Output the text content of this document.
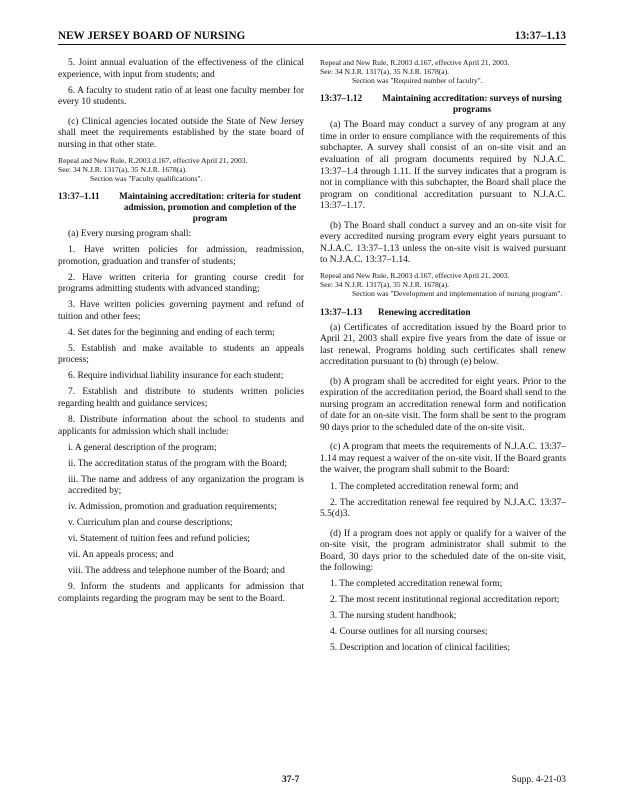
NEW JERSEY BOARD OF NURSING	13:37–1.13

5. Joint annual evaluation of the effectiveness of the clinical experience, with input from students; and

6. A faculty to student ratio of at least one faculty member for every 10 students.

(c) Clinical agencies located outside the State of New Jersey shall meet the requirements established by the state board of nursing in that other state.

Repeal and New Rule, R.2003 d.167, effective April 21, 2003.

See: 34 N.J.R. 1317(a), 35 N.J.R. 1678(a).

Section was "Faculty qualifications".

13:37–1.11	Maintaining accreditation: criteria for student admission, promotion and completion of the program

(a) Every nursing program shall:

1. Have written policies for admission, readmission, promotion, graduation and transfer of students;

2. Have written criteria for granting course credit for programs admitting students with advanced standing;

3. Have written policies governing payment and refund of tuition and other fees;

4. Set dates for the beginning and ending of each term;

5. Establish and make available to students an appeals process;

6. Require individual liability insurance for each student;

7. Establish and distribute to students written policies regarding health and guidance services;

8. Distribute information about the school to students and applicants for admission which shall include:

i. A general description of the program;

ii. The accreditation status of the program with the Board;

iii. The name and address of any organization the program is accredited by;

iv. Admission, promotion and graduation requirements;

v. Curriculum plan and course descriptions;

vi. Statement of tuition fees and refund policies;

vii. An appeals process; and

viii. The address and telephone number of the Board; and

9. Inform the students and applicants for admission that complaints regarding the program may be sent to the Board.

Repeal and New Rule, R.2003 d.167, effective April 21, 2003.

See: 34 N.J.R. 1317(a), 35 N.J.R. 1678(a).

Section was "Required number of faculty".

13:37–1.12	Maintaining accreditation: surveys of nursing programs

(a) The Board may conduct a survey of any program at any time in order to ensure compliance with the requirements of this subchapter. A survey shall consist of an on-site visit and an evaluation of all program documents required by N.J.A.C. 13:37–1.4 through 1.11. If the survey indicates that a program is not in compliance with this subchapter, the Board shall place the program on conditional accreditation pursuant to N.J.A.C. 13:37–1.17.

(b) The Board shall conduct a survey and an on-site visit for every accredited nursing program every eight years pursuant to N.J.A.C. 13:37–1.13 unless the on-site visit is waived pursuant to N.J.A.C. 13:37–1.14.

Repeal and New Rule, R.2003 d.167, effective April 21, 2003.

See: 34 N.J.R. 1317(a), 35 N.J.R. 1678(a).

Section was "Development and implementation of nursing program".

13:37–1.13	Renewing accreditation

(a) Certificates of accreditation issued by the Board prior to April 21, 2003 shall expire five years from the date of issue or last renewal. Programs holding such certificates shall renew accreditation pursuant to (b) through (e) below.

(b) A program shall be accredited for eight years. Prior to the expiration of the accreditation period, the Board shall send to the nursing program an accreditation renewal form and notification of date for an on-site visit. The form shall be sent to the program 90 days prior to the scheduled date of the on-site visit.

(c) A program that meets the requirements of N.J.A.C. 13:37–1.14 may request a waiver of the on-site visit. If the Board grants the waiver, the program shall submit to the Board:

1. The completed accreditation renewal form; and

2. The accreditation renewal fee required by N.J.A.C. 13:37–5.5(d)3.

(d) If a program does not apply or qualify for a waiver of the on-site visit, the program administrator shall submit to the Board, 30 days prior to the scheduled date of the on-site visit, the following:

1. The completed accreditation renewal form;

2. The most recent institutional regional accreditation report;

3. The nursing student handbook;

4. Course outlines for all nursing courses;

5. Description and location of clinical facilities;

37-7	Supp. 4-21-03
